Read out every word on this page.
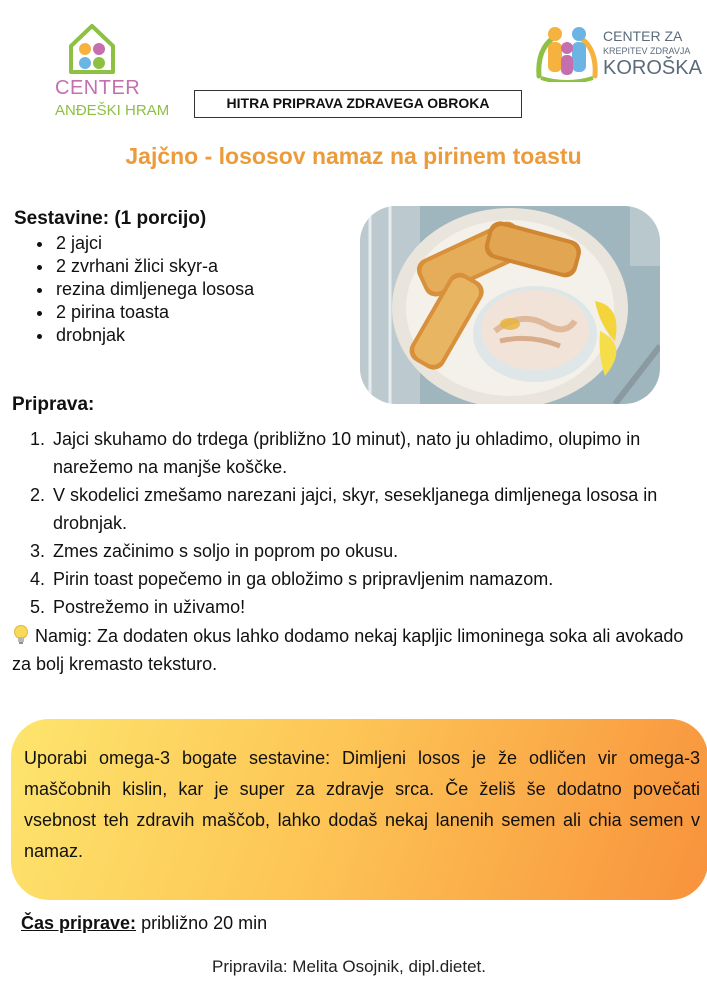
CENTER
ANĐEŠKI HRAM
CENTER ZA
KREPITEV ZDRAVJA
KOROŠKA
HITRA PRIPRAVA ZDRAVEGA OBROKA
Jajčno - lososov namaz na pirinem toastu
Sestavine: (1 porcijo)
• 2 jajci
• 2 zvrhani žlici skyr-a
• rezina dimljenega lososa
• 2 pirina toasta
• drobnjak
Priprava:
1. Jajci skuhamo do trdega (približno 10 minut), nato ju ohladimo, olupimo in narežemo na manjše koščke.
2. V skodelici zmešamo narezani jajci, skyr, sesekljanega dimljenega lososa in drobnjak.
3. Zmes začinimo s soljo in poprom po okusu.
4. Pirin toast popečemo in ga obložimo s pripravljenim namazom.
5. Postrežemo in uživamo!
Namig: Za dodaten okus lahko dodamo nekaj kapljic limoninega soka ali avokado za bolj kremasto teksturo.
Uporabi omega-3 bogate sestavine: Dimljeni losos je že odličen vir omega-3 maščobnih kislin, kar je super za zdravje srca. Če želiš še dodatno povečati vsebnost teh zdravih maščob, lahko dodaš nekaj lanenih semen ali chia semen v namaz.
Čas priprave: približno 20 min
Pripravila: Melita Osojnik, dipl.dietet.
